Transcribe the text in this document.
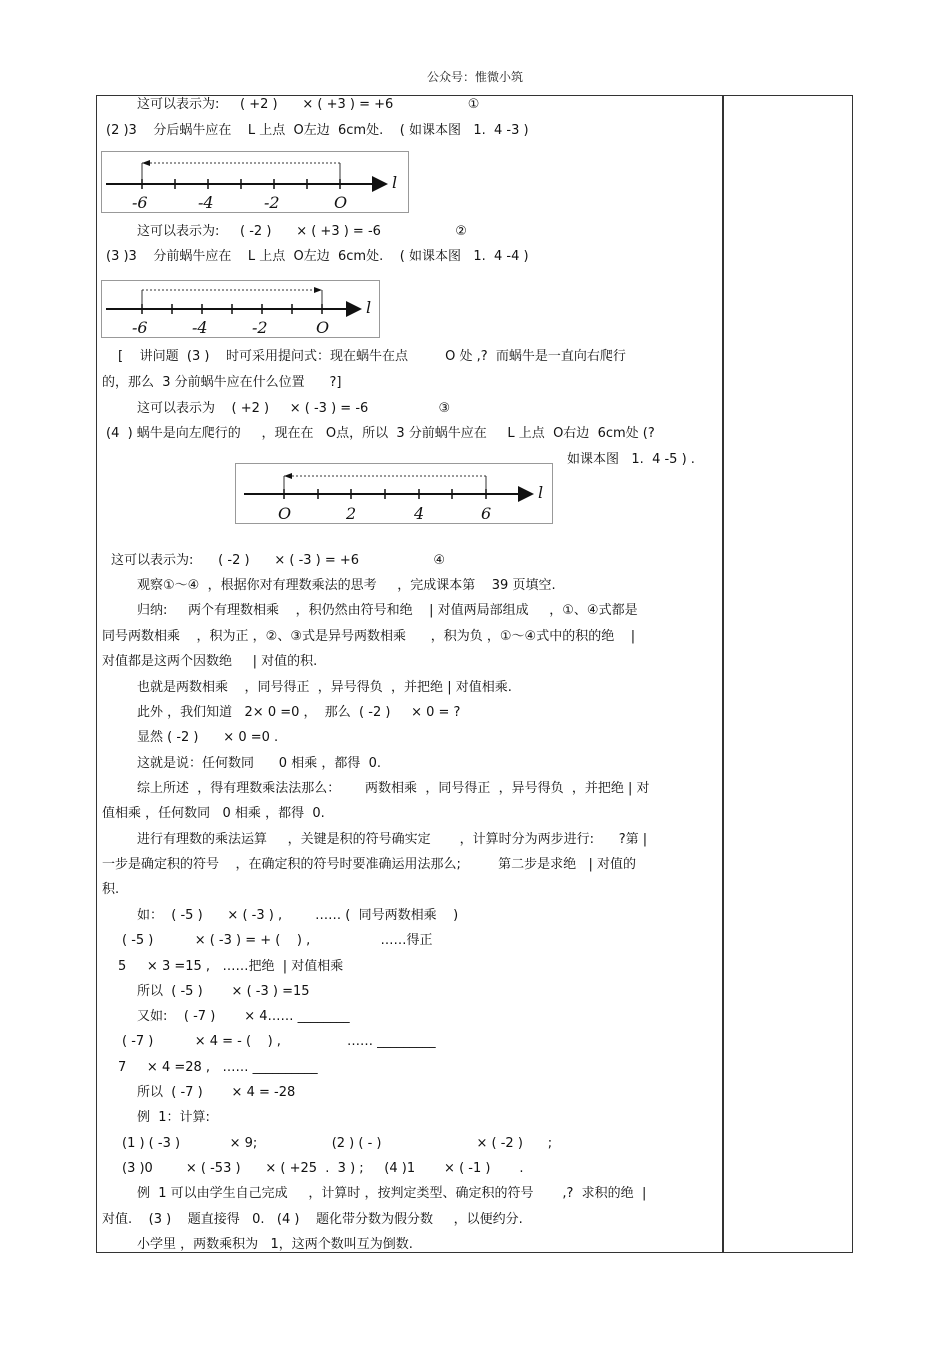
公众号：惟微小筑
这可以表示为:     ( +2 )      × ( +3 ) = +6                  ①
(2 )3    分后蜗牛应在    L 上点  O左边  6cm处.    ( 如课本图   1.  4 -3 )
-6	-4	-2	O
l
这可以表示为:     ( -2 )      × ( +3 ) = -6                  ②
(3 )3    分前蜗牛应在    L 上点  O左边  6cm处.    ( 如课本图   1.  4 -4 )
-6	-4	-2	O
l
[    讲问题  (3 )    时可采用提问式：现在蜗牛在点         O 处 ,?  而蜗牛是一直向右爬行
的，那么  3 分前蜗牛应在什么位置      ?]
这可以表示为    ( +2 )     × ( -3 ) = -6                 ③
(4  ) 蜗牛是向左爬行的     ，现在在   O点，所以  3 分前蜗牛应在     L 上点  O右边  6cm处 (?
如课本图   1.  4 -5 ) .
O	2	4	6
l
这可以表示为:      ( -2 )      × ( -3 ) = +6                  ④
观察①～④  ，根据你对有理数乘法的思考     ，完成课本第    39 页填空.
归纳:     两个有理数相乘    ，积仍然由符号和绝    | 对值两局部组成     ，①、④式都是
同号两数相乘    ，积为正 ，②、③式是异号两数相乘      ，积为负 ，①～④式中的积的绝    |
对值都是这两个因数绝     | 对值的积.
也就是两数相乘    ，同号得正  ，异号得负  ，并把绝 | 对值相乘.
此外 ，我们知道   2× 0 =0 ，  那么  ( -2 )     × 0 = ?
显然 ( -2 )      × 0 =0 .
这就是说：任何数同      0 相乘 ，都得  0.
综上所述  ，得有理数乘法法那么：      两数相乘  ，同号得正  ，异号得负  ，并把绝 | 对
值相乘 ，任何数同   0 相乘 ，都得  0.
进行有理数的乘法运算     ，关键是积的符号确实定       ，计算时分为两步进行:      ?第 |
一步是确定积的符号    ，在确定积的符号时要准确运用法那么;         第二步是求绝   | 对值的
积.
如：  ( -5 )      × ( -3 ) ,        …… (  同号两数相乘    )
( -5 )          × ( -3 ) = + (    ) ,                 ……得正
5     × 3 =15 ,   ……把绝  | 对值相乘
所以  ( -5 )       × ( -3 ) =15
又如:    ( -7 )       × 4…… ________
( -7 )          × 4 = - (    ) ,                …… _________
7     × 4 =28 ,   …… __________
所以  ( -7 )       × 4 = -28
例  1：计算:
(1 ) ( -3 )            × 9;                  (2 ) ( - )                       × ( -2 )      ;
(3 )0        × ( -53 )      × ( +25  .  3 ) ;     (4 )1       × ( -1 )       .
例  1 可以由学生自己完成     ，计算时 ，按判定类型、确定积的符号       ,?  求积的绝  |
对值.    (3 )    题直接得   0.   (4 )    题化带分数为假分数     ，以便约分.
小学里 ，两数乘积为   1，这两个数叫互为倒数.
